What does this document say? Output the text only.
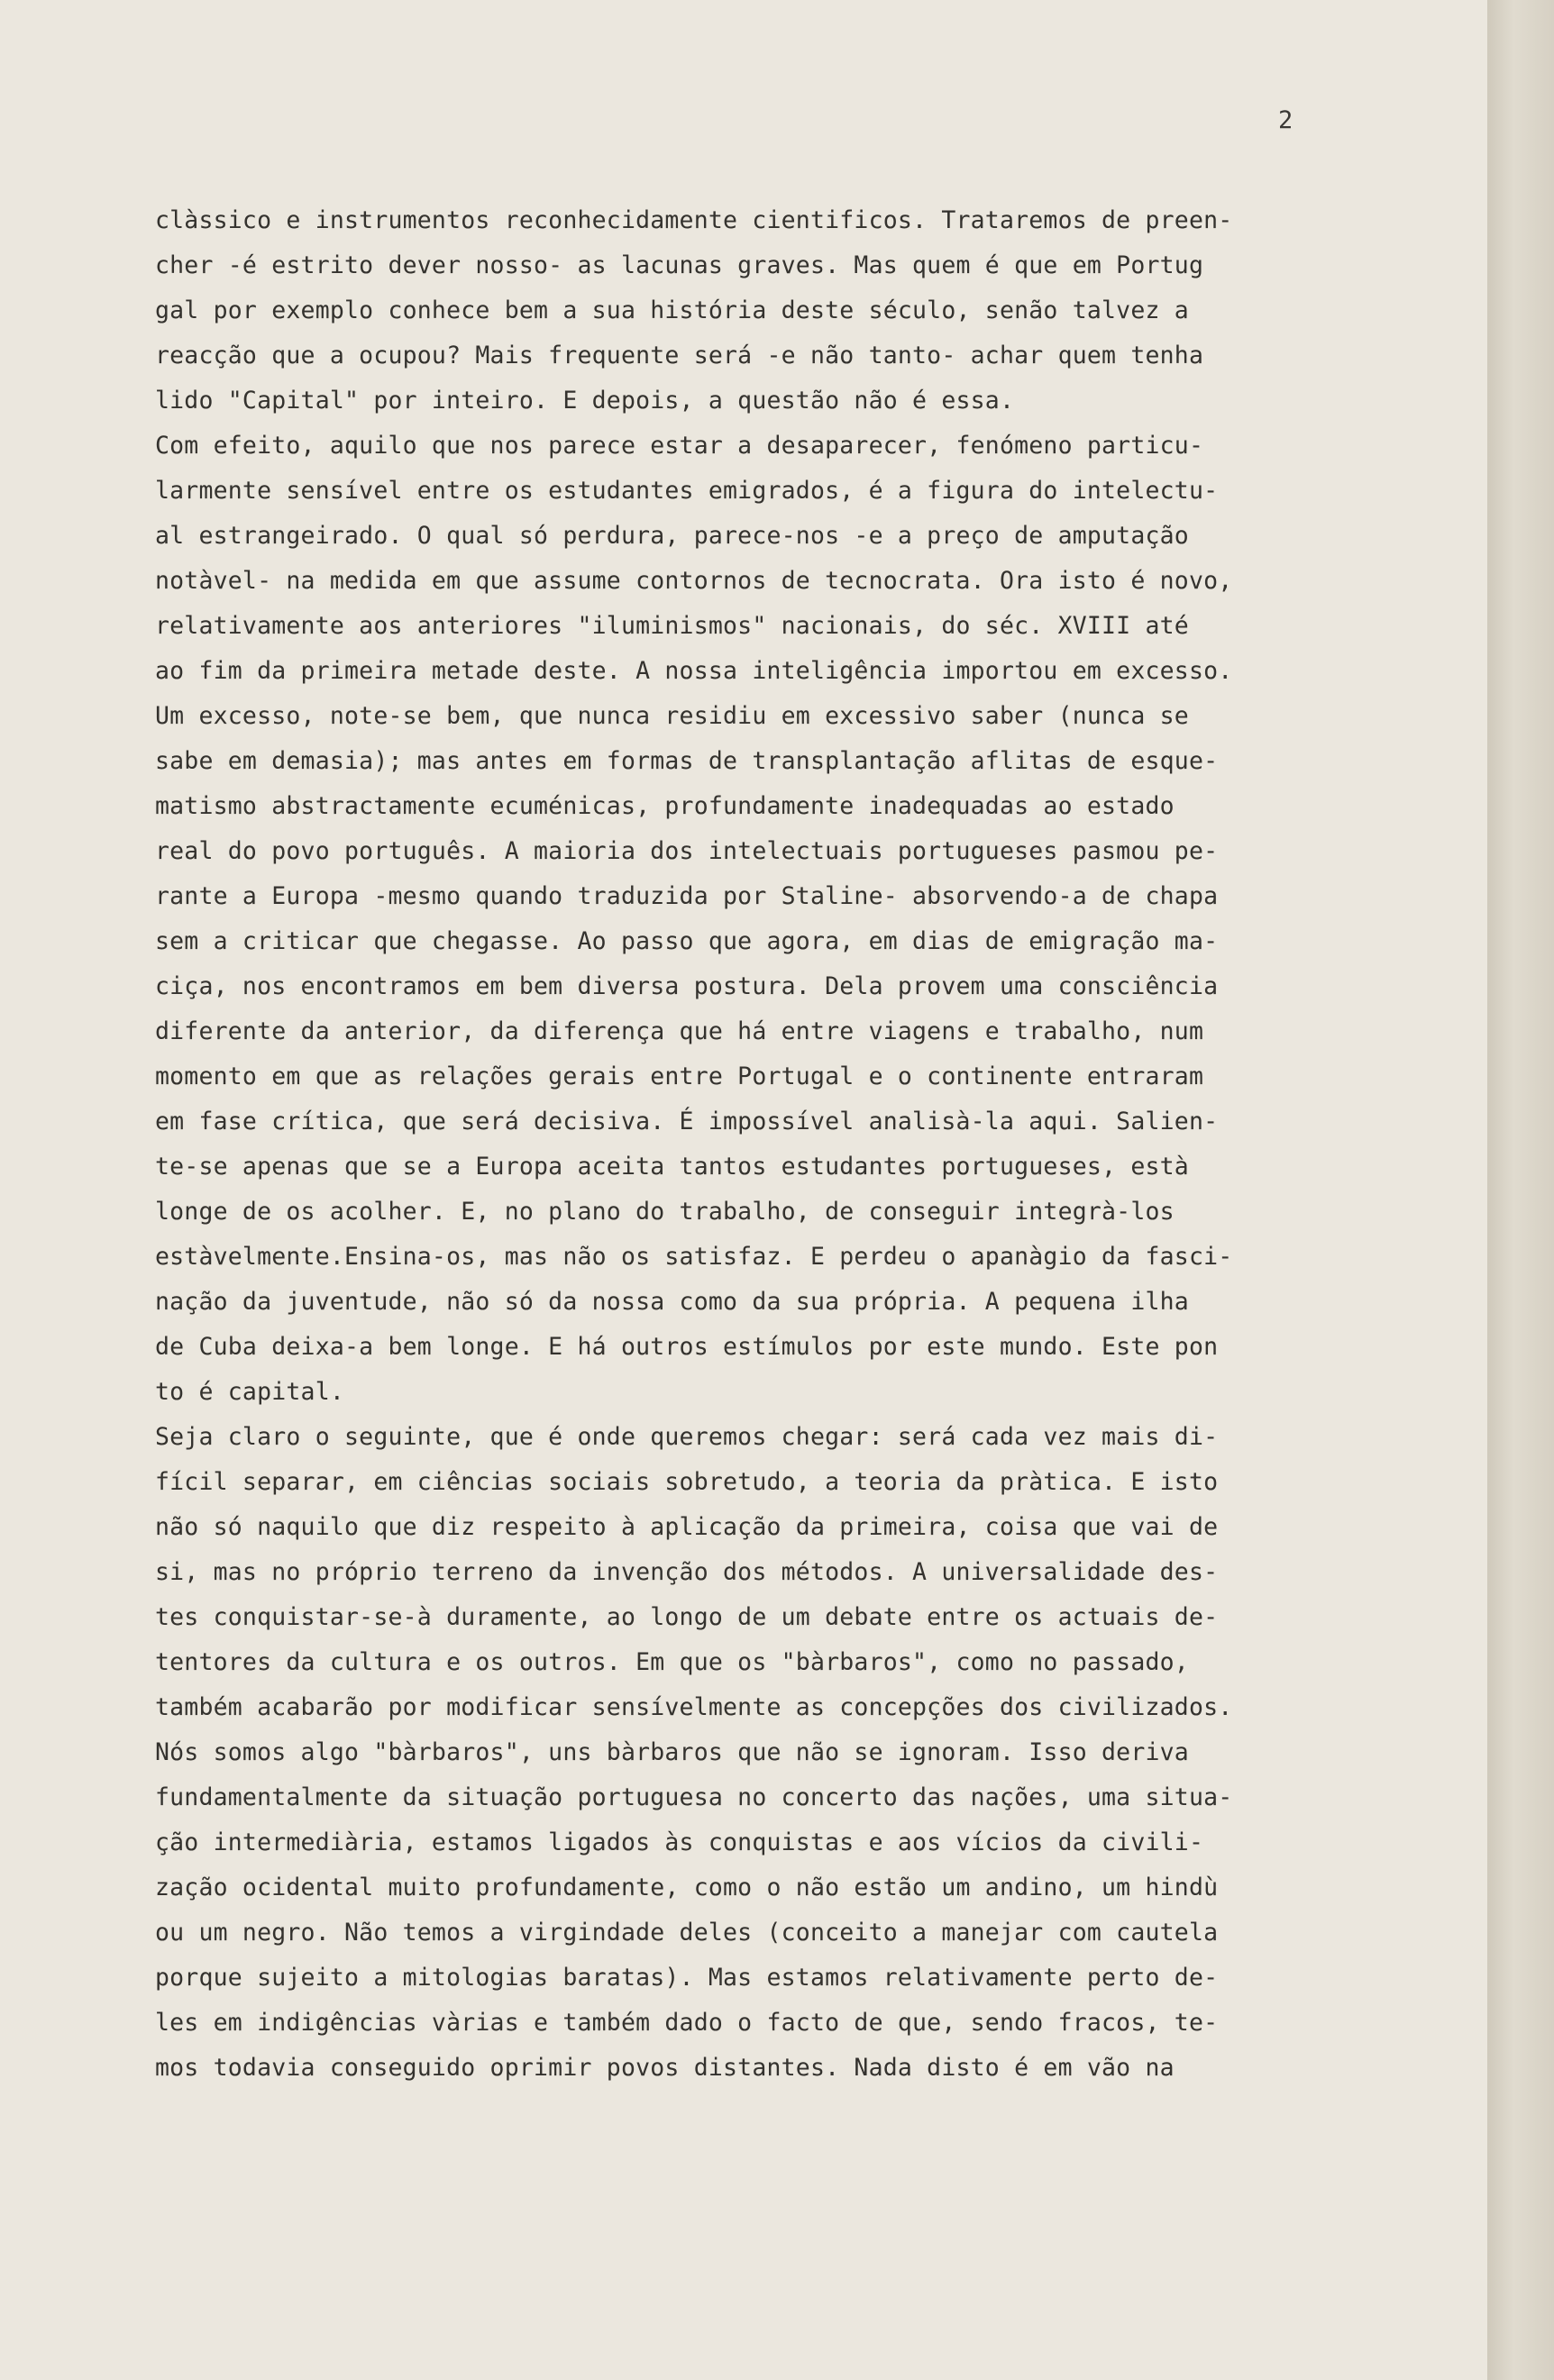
2
clàssico e instrumentos reconhecidamente cientificos. Trataremos de preen-
cher -é estrito dever nosso- as lacunas graves. Mas quem é que em Portug
gal por exemplo conhece bem a sua história deste século, senão talvez a
reacção que a ocupou? Mais frequente será -e não tanto- achar quem tenha
lido "Capital" por inteiro. E depois, a questão não é essa.
Com efeito, aquilo que nos parece estar a desaparecer, fenómeno particu-
larmente sensível entre os estudantes emigrados, é a figura do intelectu-
al estrangeirado. O qual só perdura, parece-nos -e a preço de amputação
notàvel- na medida em que assume contornos de tecnocrata. Ora isto é novo,
relativamente aos anteriores "iluminismos" nacionais, do séc. XVIII até
ao fim da primeira metade deste. A nossa inteligência importou em excesso.
Um excesso, note-se bem, que nunca residiu em excessivo saber (nunca se
sabe em demasia); mas antes em formas de transplantação aflitas de esque-
matismo abstractamente ecuménicas, profundamente inadequadas ao estado
real do povo português. A maioria dos intelectuais portugueses pasmou pe-
rante a Europa -mesmo quando traduzida por Staline- absorvendo-a de chapa
sem a criticar que chegasse. Ao passo que agora, em dias de emigração ma-
ciça, nos encontramos em bem diversa postura. Dela provem uma consciência
diferente da anterior, da diferença que há entre viagens e trabalho, num
momento em que as relações gerais entre Portugal e o continente entraram
em fase crítica, que será decisiva. É impossível analisà-la aqui. Salien-
te-se apenas que se a Europa aceita tantos estudantes portugueses, està
longe de os acolher. E, no plano do trabalho, de conseguir integrà-los
estàvelmente.Ensina-os, mas não os satisfaz. E perdeu o apanàgio da fasci-
nação da juventude, não só da nossa como da sua própria. A pequena ilha
de Cuba deixa-a bem longe. E há outros estímulos por este mundo. Este pon
to é capital.
Seja claro o seguinte, que é onde queremos chegar: será cada vez mais di-
fícil separar, em ciências sociais sobretudo, a teoria da pràtica. E isto
não só naquilo que diz respeito à aplicação da primeira, coisa que vai de
si, mas no próprio terreno da invenção dos métodos. A universalidade des-
tes conquistar-se-à duramente, ao longo de um debate entre os actuais de-
tentores da cultura e os outros. Em que os "bàrbaros", como no passado,
também acabarão por modificar sensívelmente as concepções dos civilizados.
Nós somos algo "bàrbaros", uns bàrbaros que não se ignoram. Isso deriva
fundamentalmente da situação portuguesa no concerto das nações, uma situa-
ção intermediària, estamos ligados às conquistas e aos vícios da civili-
zação ocidental muito profundamente, como o não estão um andino, um hindù
ou um negro. Não temos a virgindade deles (conceito a manejar com cautela
porque sujeito a mitologias baratas). Mas estamos relativamente perto de-
les em indigências vàrias e também dado o facto de que, sendo fracos, te-
mos todavia conseguido oprimir povos distantes. Nada disto é em vão na
